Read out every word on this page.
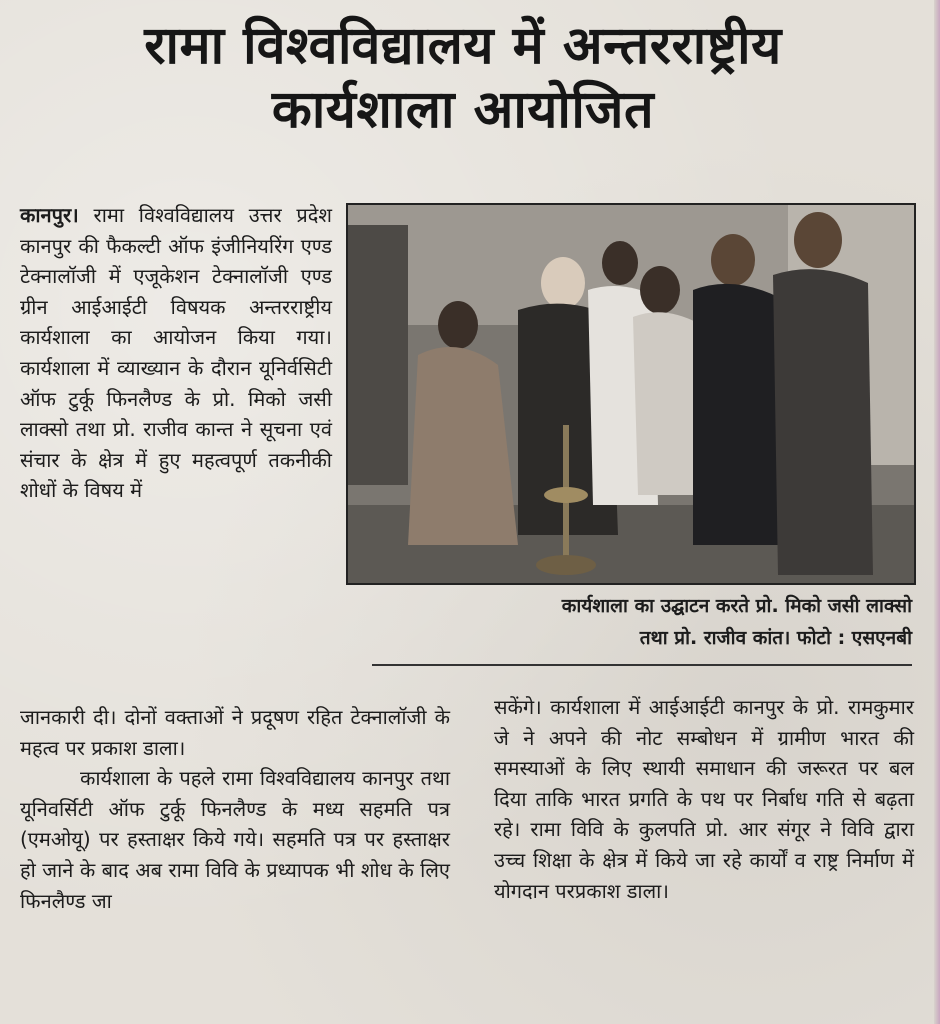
रामा विश्वविद्यालय में अन्तरराष्ट्रीय
कार्यशाला आयोजित
कानपुर। रामा विश्वविद्यालय उत्तर प्रदेश कानपुर की फैकल्टी ऑफ इंजीनियरिंग एण्ड टेक्नालॉजी में एजूकेशन टेक्नालॉजी एण्ड ग्रीन आईआईटी विषयक अन्तरराष्ट्रीय कार्यशाला का आयोजन किया गया। कार्यशाला में व्याख्यान के दौरान यूनिर्वसिटी ऑफ टुर्कू फिनलैण्ड के प्रो. मिको जसी लाक्सो तथा प्रो. राजीव कान्त ने सूचना एवं संचार के क्षेत्र में हुए महत्वपूर्ण तकनीकी शोधों के विषय में
कार्यशाला का उद्घाटन करते प्रो. मिको जसी लाक्सो
तथा प्रो. राजीव कांत। फोटो : एसएनबी
जानकारी दी। दोनों वक्ताओं ने प्रदूषण रहित टेक्नालॉजी के महत्व पर प्रकाश डाला।
कार्यशाला के पहले रामा विश्वविद्यालय कानपुर तथा यूनिवर्सिटी ऑफ टुर्कू फिनलैण्ड के मध्य सहमति पत्र (एमओयू) पर हस्ताक्षर किये गये। सहमति पत्र पर हस्ताक्षर हो जाने के बाद अब रामा विवि के प्रध्यापक भी शोध के लिए फिनलैण्ड जा
सकेंगे। कार्यशाला में आईआईटी कानपुर के प्रो. रामकुमार जे ने अपने की नोट सम्बोधन में ग्रामीण भारत की समस्याओं के लिए स्थायी समाधान की जरूरत पर बल दिया ताकि भारत प्रगति के पथ पर निर्बाध गति से बढ़ता रहे। रामा विवि के कुलपति प्रो. आर संगूर ने विवि द्वारा उच्च शिक्षा के क्षेत्र में किये जा रहे कार्यों व राष्ट्र निर्माण में योगदान परप्रकाश डाला।
